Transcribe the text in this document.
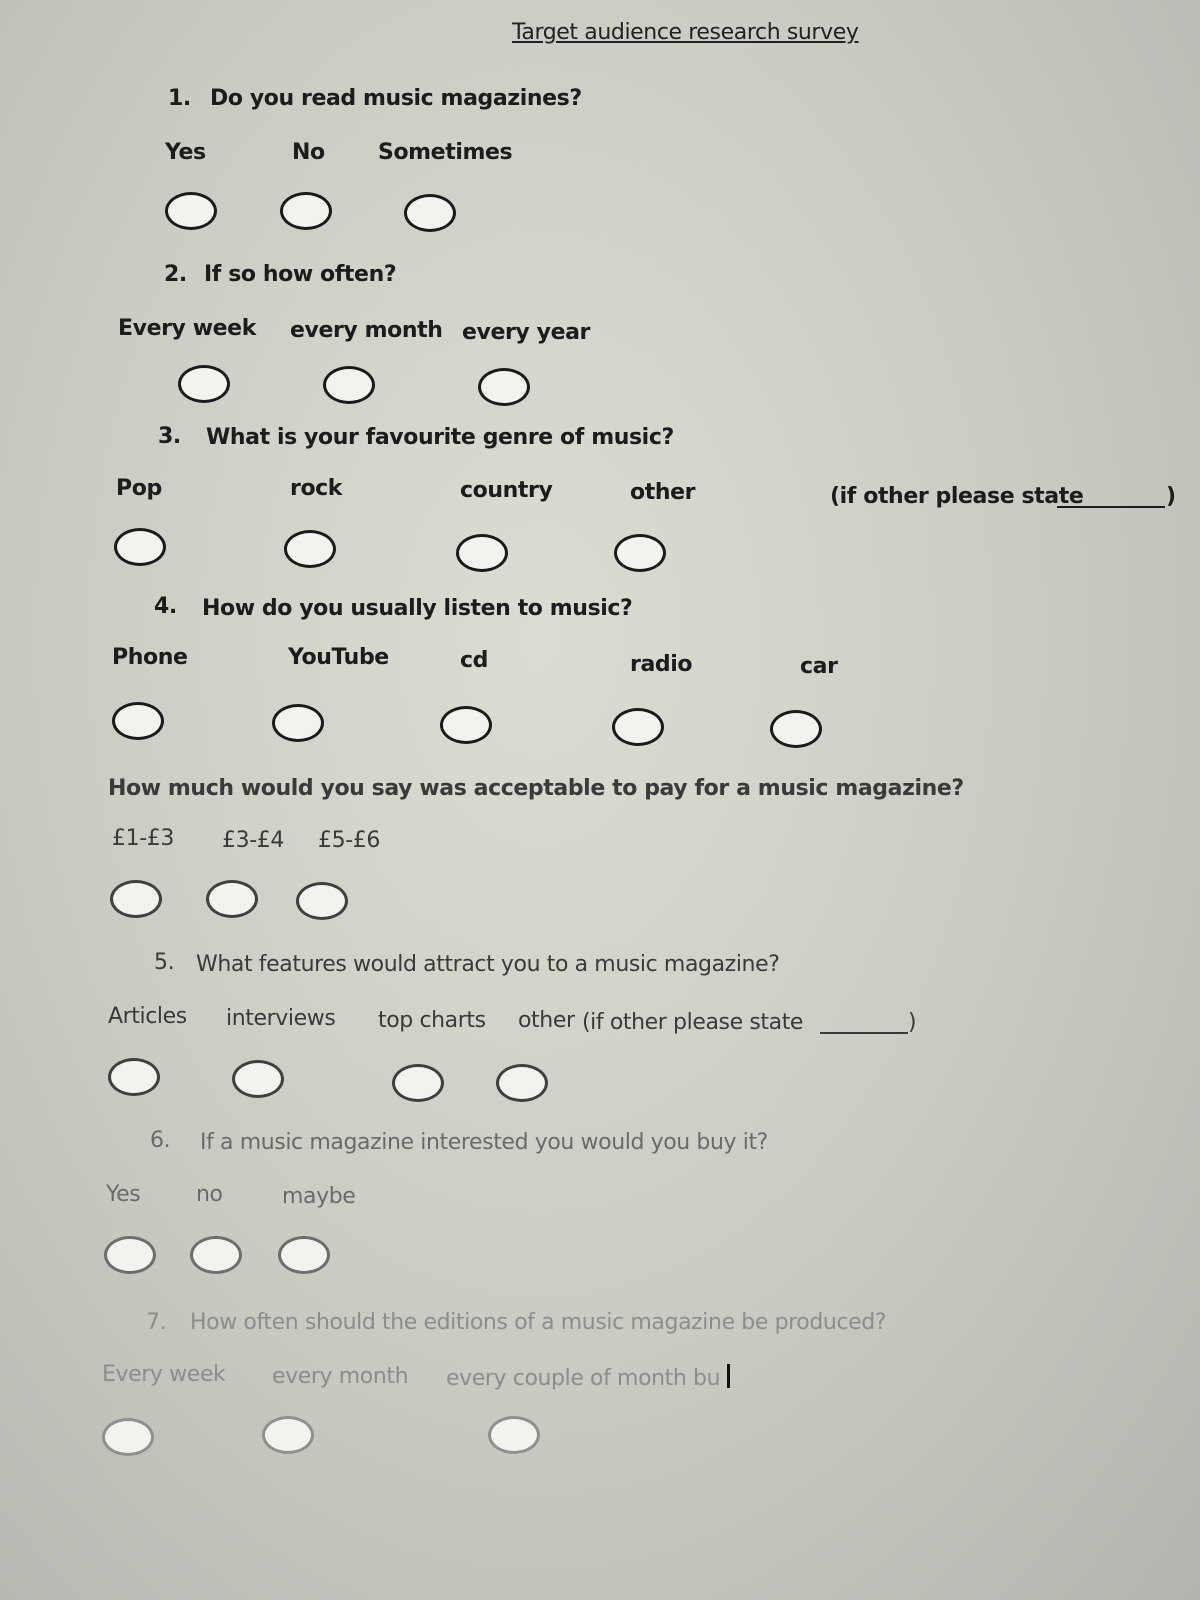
Target audience research survey
1. Do you read music magazines?
Yes	No Sometimes
2. If so how often?
Every week every month every year
3. What is your favourite genre of music?
Pop	rock	country	other	(if other please state	)
4. How do you usually listen to music?
Phone	YouTube	cd	radio	car
How much would you say was acceptable to pay for a music magazine?
£1-£3 £3-£4 £5-£6
5. What features would attract you to a music magazine?
Articles interviews top charts other (if other please state	)
6. If a music magazine interested you would you buy it?
Yes	no	maybe
7. How often should the editions of a music magazine be produced?
Every week every month every couple of month bu
